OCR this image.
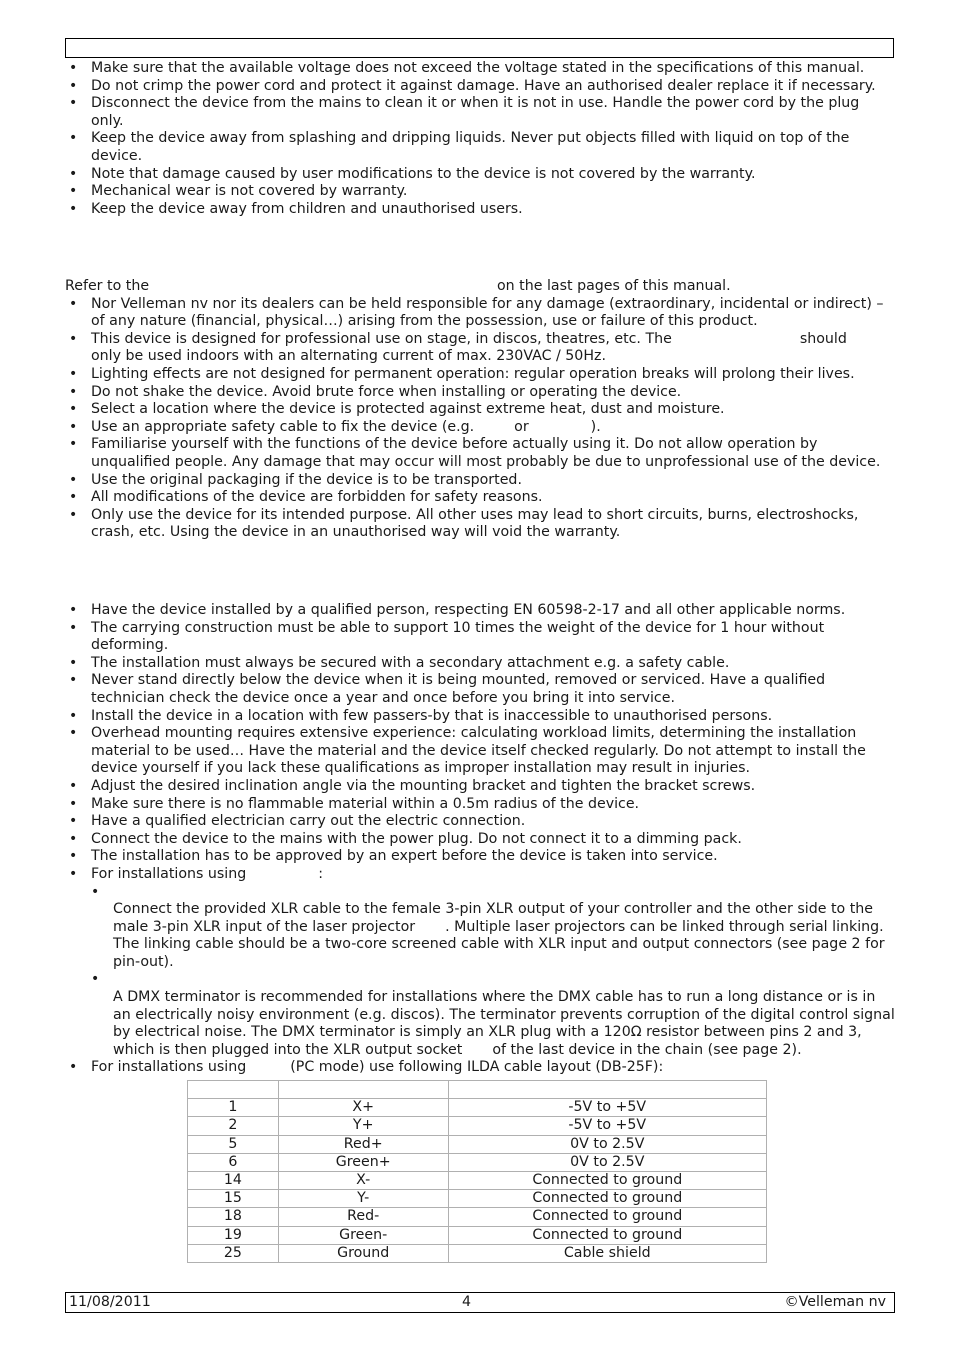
• Make sure that the available voltage does not exceed the voltage stated in the specifications of this manual.
• Do not crimp the power cord and protect it against damage. Have an authorised dealer replace it if necessary.
• Disconnect the device from the mains to clean it or when it is not in use. Handle the power cord by the plug only.
• Keep the device away from splashing and dripping liquids. Never put objects filled with liquid on top of the device.
• Note that damage caused by user modifications to the device is not covered by the warranty.
• Mechanical wear is not covered by warranty.
• Keep the device away from children and unauthorised users.

Refer to the	on the last pages of this manual.

• Nor Velleman nv nor its dealers can be held responsible for any damage (extraordinary, incidental or indirect) – of any nature (financial, physical…) arising from the possession, use or failure of this product.
• This device is designed for professional use on stage, in discos, theatres, etc. The	should
only be used indoors with an alternating current of max. 230VAC / 50Hz.
• Lighting effects are not designed for permanent operation: regular operation breaks will prolong their lives.
• Do not shake the device. Avoid brute force when installing or operating the device.
• Select a location where the device is protected against extreme heat, dust and moisture.
• Use an appropriate safety cable to fix the device (e.g.	or	).
• Familiarise yourself with the functions of the device before actually using it. Do not allow operation by unqualified people. Any damage that may occur will most probably be due to unprofessional use of the device.
• Use the original packaging if the device is to be transported.
• All modifications of the device are forbidden for safety reasons.
• Only use the device for its intended purpose. All other uses may lead to short circuits, burns, electroshocks, crash, etc. Using the device in an unauthorised way will void the warranty.
• Have the device installed by a qualified person, respecting EN 60598-2-17 and all other applicable norms.
• The carrying construction must be able to support 10 times the weight of the device for 1 hour without deforming.
• The installation must always be secured with a secondary attachment e.g. a safety cable.
• Never stand directly below the device when it is being mounted, removed or serviced. Have a qualified technician check the device once a year and once before you bring it into service.
• Install the device in a location with few passers-by that is inaccessible to unauthorised persons.
• Overhead mounting requires extensive experience: calculating workload limits, determining the installation material to be used… Have the material and the device itself checked regularly. Do not attempt to install the device yourself if you lack these qualifications as improper installation may result in injuries.
• Adjust the desired inclination angle via the mounting bracket and tighten the bracket screws.
• Make sure there is no flammable material within a 0.5m radius of the device.
• Have a qualified electrician carry out the electric connection.
• Connect the device to the mains with the power plug. Do not connect it to a dimming pack.
• The installation has to be approved by an expert before the device is taken into service.
• For installations using	:
• Connect the provided XLR cable to the female 3-pin XLR output of your controller and the other side to the male 3-pin XLR input of the laser projector . Multiple laser projectors can be linked through serial linking. The linking cable should be a two-core screened cable with XLR input and output connectors (see page 2 for pin-out).
• A DMX terminator is recommended for installations where the DMX cable has to run a long distance or is in an electrically noisy environment (e.g. discos). The terminator prevents corruption of the digital control signal by electrical noise. The DMX terminator is simply an XLR plug with a 120Ω resistor between pins 2 and 3, which is then plugged into the XLR output socket of the last device in the chain (see page 2).
• For installations using	(PC mode) use following ILDA cable layout (DB-25F):

1	X+	-5V to +5V
2	Y+	-5V to +5V
5	Red+	0V to 2.5V
6	Green+	0V to 2.5V
14	X-	Connected to ground
15	Y-	Connected to ground
18	Red-	Connected to ground
19	Green-	Connected to ground
25	Ground	Cable shield
11/08/2011	4	©Velleman nv
